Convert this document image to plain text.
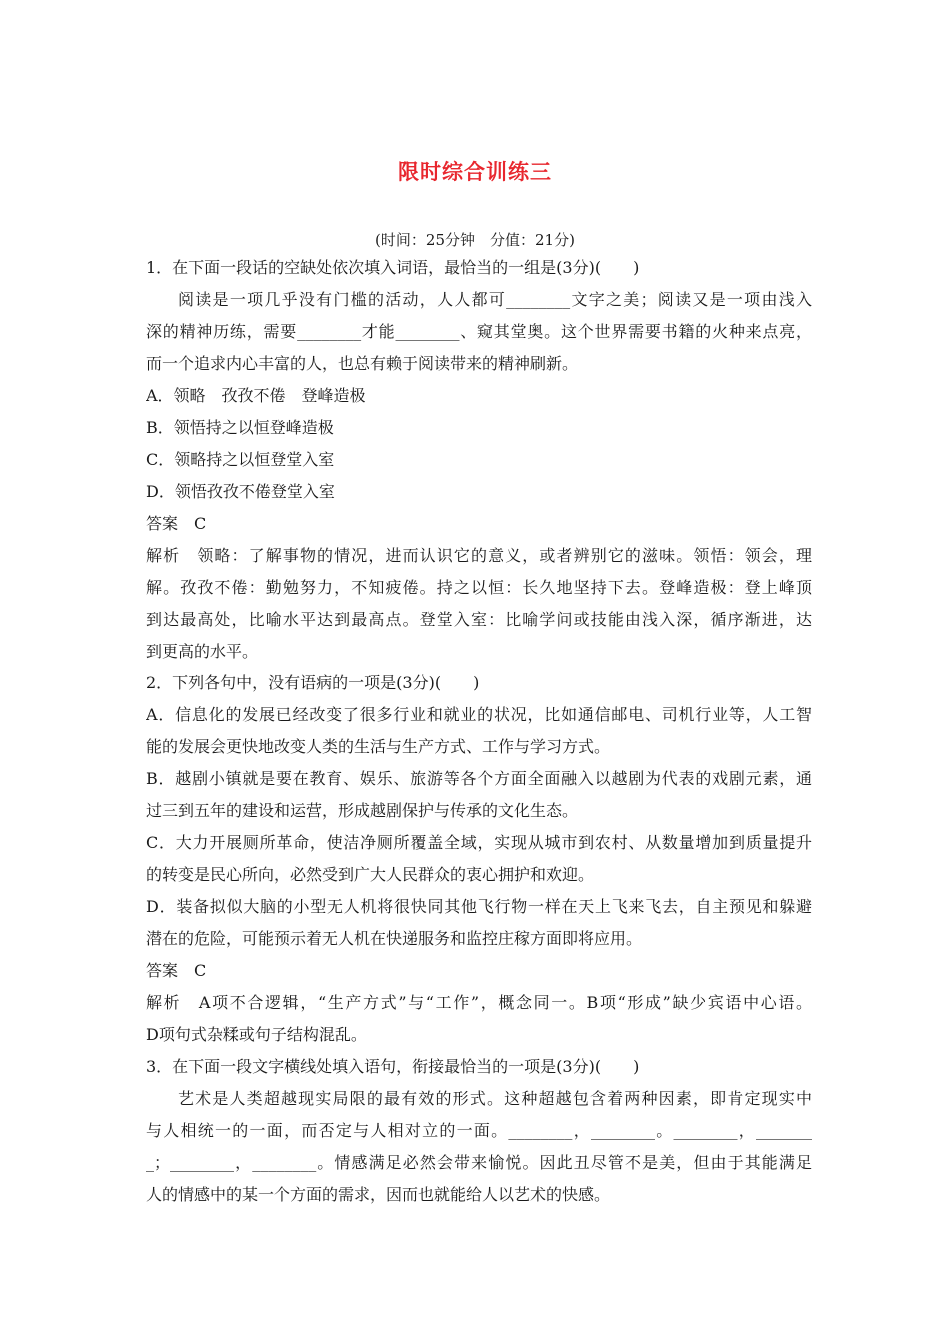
限时综合训练三
(时间：25分钟　分值：21分)
1．在下面一段话的空缺处依次填入词语，最恰当的一组是(3分)(　　)
阅读是一项几乎没有门槛的活动，人人都可________文字之美；阅读又是一项由浅入
深的精神历练，需要________才能________、窥其堂奥。这个世界需要书籍的火种来点亮，
而一个追求内心丰富的人，也总有赖于阅读带来的精神刷新。
A．领略　孜孜不倦　登峰造极
B．领悟持之以恒登峰造极
C．领略持之以恒登堂入室
D．领悟孜孜不倦登堂入室
答案　C
解析　领略：了解事物的情况，进而认识它的意义，或者辨别它的滋味。领悟：领会，理
解。孜孜不倦：勤勉努力，不知疲倦。持之以恒：长久地坚持下去。登峰造极：登上峰顶
到达最高处，比喻水平达到最高点。登堂入室：比喻学问或技能由浅入深，循序渐进，达
到更高的水平。
2．下列各句中，没有语病的一项是(3分)(　　)
A．信息化的发展已经改变了很多行业和就业的状况，比如通信邮电、司机行业等，人工智
能的发展会更快地改变人类的生活与生产方式、工作与学习方式。
B．越剧小镇就是要在教育、娱乐、旅游等各个方面全面融入以越剧为代表的戏剧元素，通
过三到五年的建设和运营，形成越剧保护与传承的文化生态。
C．大力开展厕所革命，使洁净厕所覆盖全域，实现从城市到农村、从数量增加到质量提升
的转变是民心所向，必然受到广大人民群众的衷心拥护和欢迎。
D．装备拟似大脑的小型无人机将很快同其他飞行物一样在天上飞来飞去，自主预见和躲避
潜在的危险，可能预示着无人机在快递服务和监控庄稼方面即将应用。
答案　C
解析　A项不合逻辑，“生产方式”与“工作”，概念同一。B项“形成”缺少宾语中心语。
D项句式杂糅或句子结构混乱。
3．在下面一段文字横线处填入语句，衔接最恰当的一项是(3分)(　　)
艺术是人类超越现实局限的最有效的形式。这种超越包含着两种因素，即肯定现实中
与人相统一的一面，而否定与人相对立的一面。________，________。________，_______
_；________，________。情感满足必然会带来愉悦。因此丑尽管不是美，但由于其能满足
人的情感中的某一个方面的需求，因而也就能给人以艺术的快感。
